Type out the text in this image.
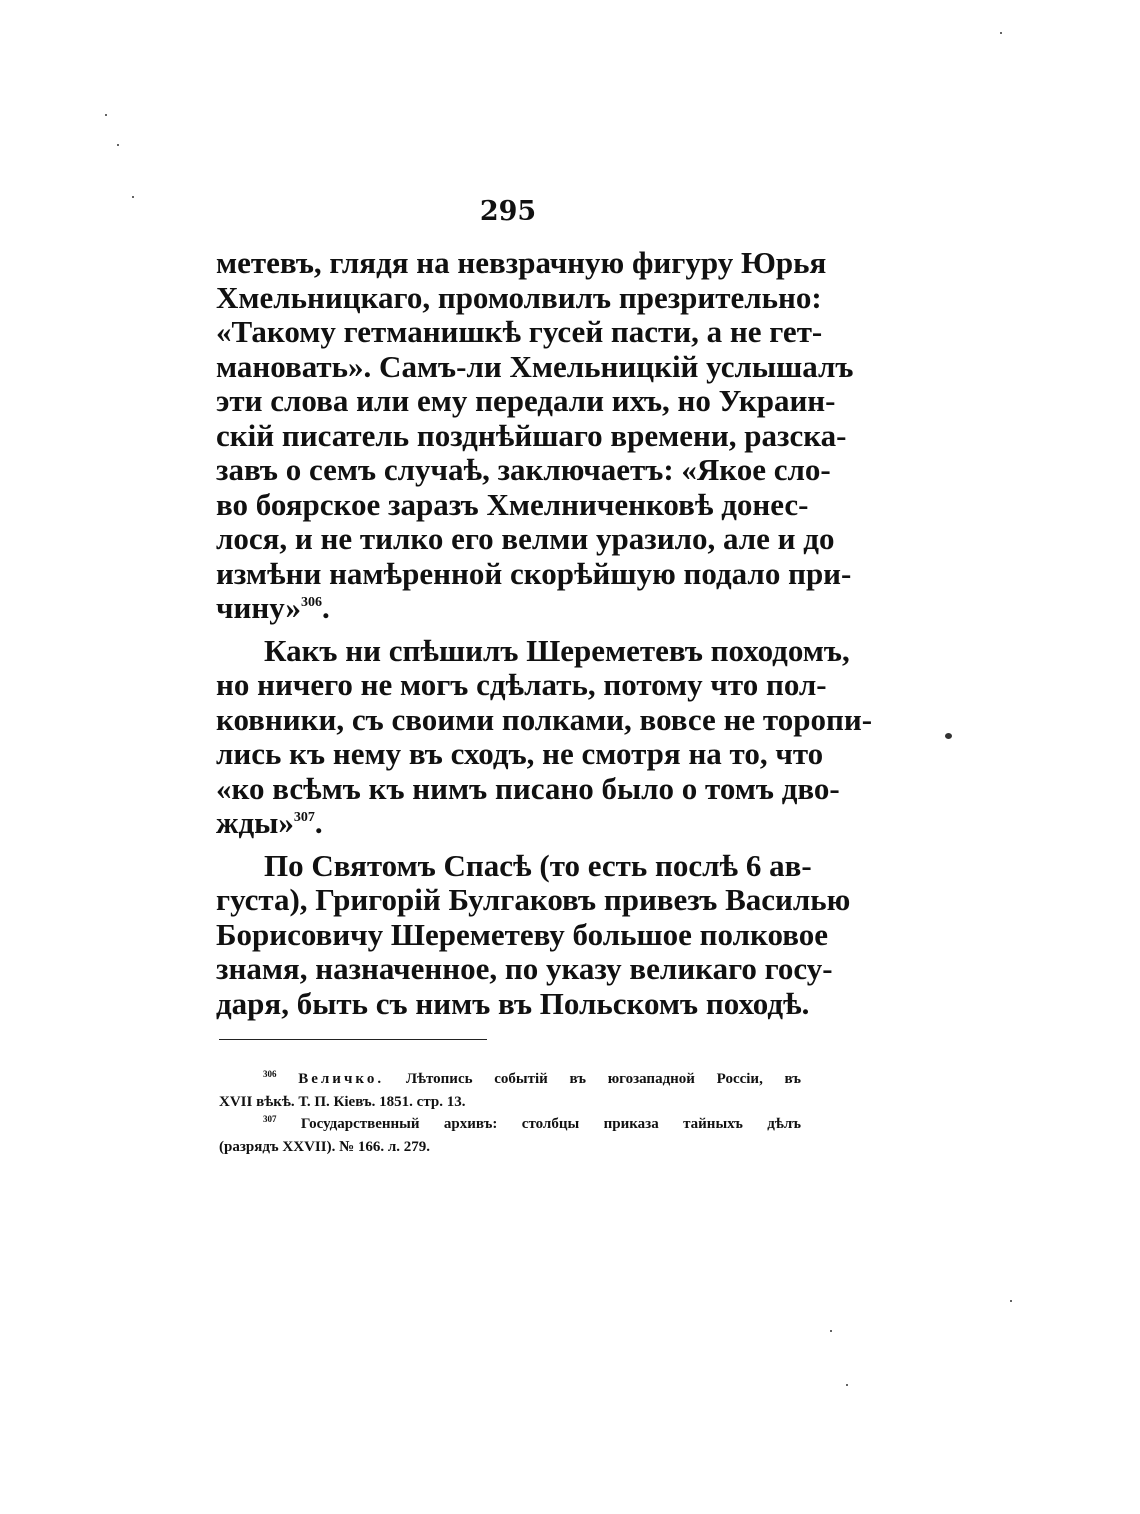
295
метевъ, глядя на невзрачную фигуру Юрья
Хмельницкаго, промолвилъ презрительно:
«Такому гетманишкѣ гусей пасти, а не гет-
мановать». Самъ-ли Хмельницкій услышалъ
эти слова или ему передали ихъ, но Украин-
скій писатель позднѣйшаго времени, разска-
завъ о семъ случаѣ, заключаетъ: «Якое сло-
во боярское заразъ Хмелниченковѣ донес-
лося, и не тилко его велми уразило, але и до
измѣни намѣренной скорѣйшую подало при-
чину»$^{306}$.
Какъ ни спѣшилъ Шереметевъ походомъ,
но ничего не могъ сдѣлать, потому что пол-
ковники, съ своими полками, вовсе не торопи-
лись къ нему въ сходъ, не смотря на то, что
«ко всѣмъ къ нимъ писано было о томъ дво-
жды»$^{307}$.
По Святомъ Спасѣ (то есть послѣ 6 ав-
густа), Григорій Булгаковъ привезъ Василью
Борисовичу Шереметеву большое полковое
знамя, назначенное, по указу великаго госу-
даря, быть съ нимъ въ Польскомъ походѣ.
$^{306}$ Величко. Лѣтопись событій въ югозападной Россіи, въ
XVII вѣкѣ. Т. П. Кіевъ. 1851. стр. 13.
$^{307}$ Государственный архивъ: столбцы приказа тайныхъ дѣлъ
(разрядъ XXVII). № 166. л. 279.
